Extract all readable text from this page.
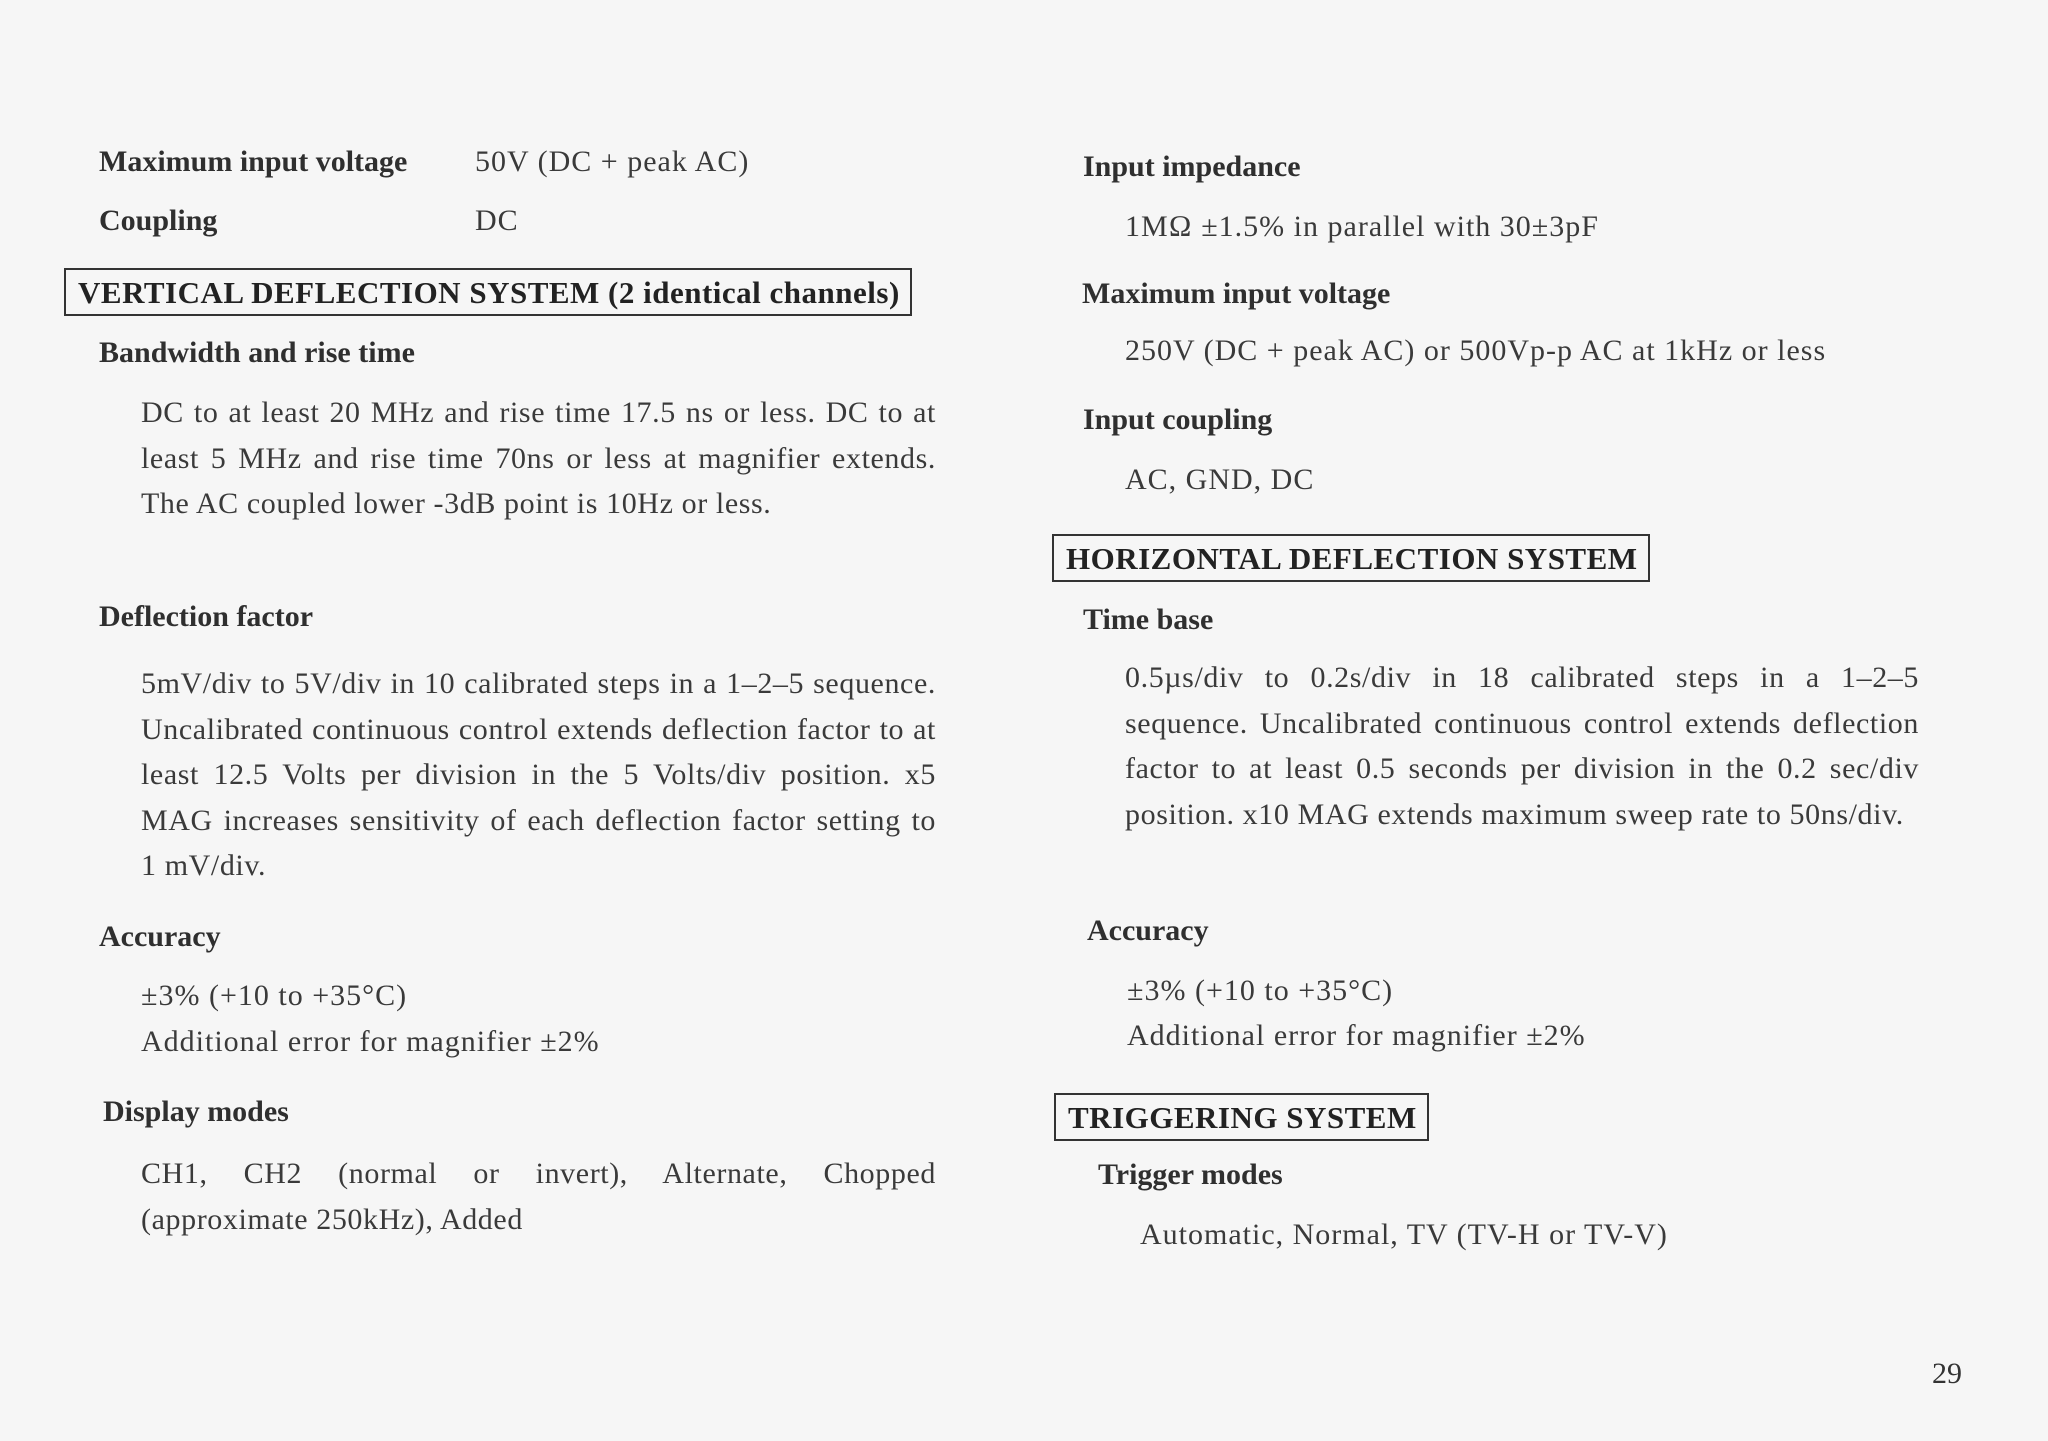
Maximum input voltage 50V (DC + peak AC)
Coupling	DC
VERTICAL DEFLECTION SYSTEM (2 identical channels)
Bandwidth and rise time
DC to at least 20 MHz and rise time 17.5 ns or less. DC to at least 5 MHz and rise time 70ns or less at magnifier extends. The AC coupled lower -3dB point is 10Hz or less.
Deflection factor
5mV/div to 5V/div in 10 calibrated steps in a 1–2–5 sequence. Uncalibrated continuous control extends deflection factor to at least 12.5 Volts per division in the 5 Volts/div position. x5 MAG increases sensitivity of each deflection factor setting to 1 mV/div.
Accuracy
±3% (+10 to +35°C)
Additional error for magnifier ±2%
Display modes
CH1, CH2 (normal or invert), Alternate, Chopped (approximate 250kHz), Added
Input impedance
1MΩ ±1.5% in parallel with 30±3pF
Maximum input voltage
250V (DC + peak AC) or 500Vp-p AC at 1kHz or less
Input coupling
AC, GND, DC
HORIZONTAL DEFLECTION SYSTEM
Time base
0.5µs/div to 0.2s/div in 18 calibrated steps in a 1–2–5 sequence. Uncalibrated continuous control extends deflection factor to at least 0.5 seconds per division in the 0.2 sec/div position. x10 MAG extends maximum sweep rate to 50ns/div.
Accuracy
±3% (+10 to +35°C)
Additional error for magnifier ±2%
TRIGGERING SYSTEM
Trigger modes
Automatic, Normal, TV (TV-H or TV-V)
29
